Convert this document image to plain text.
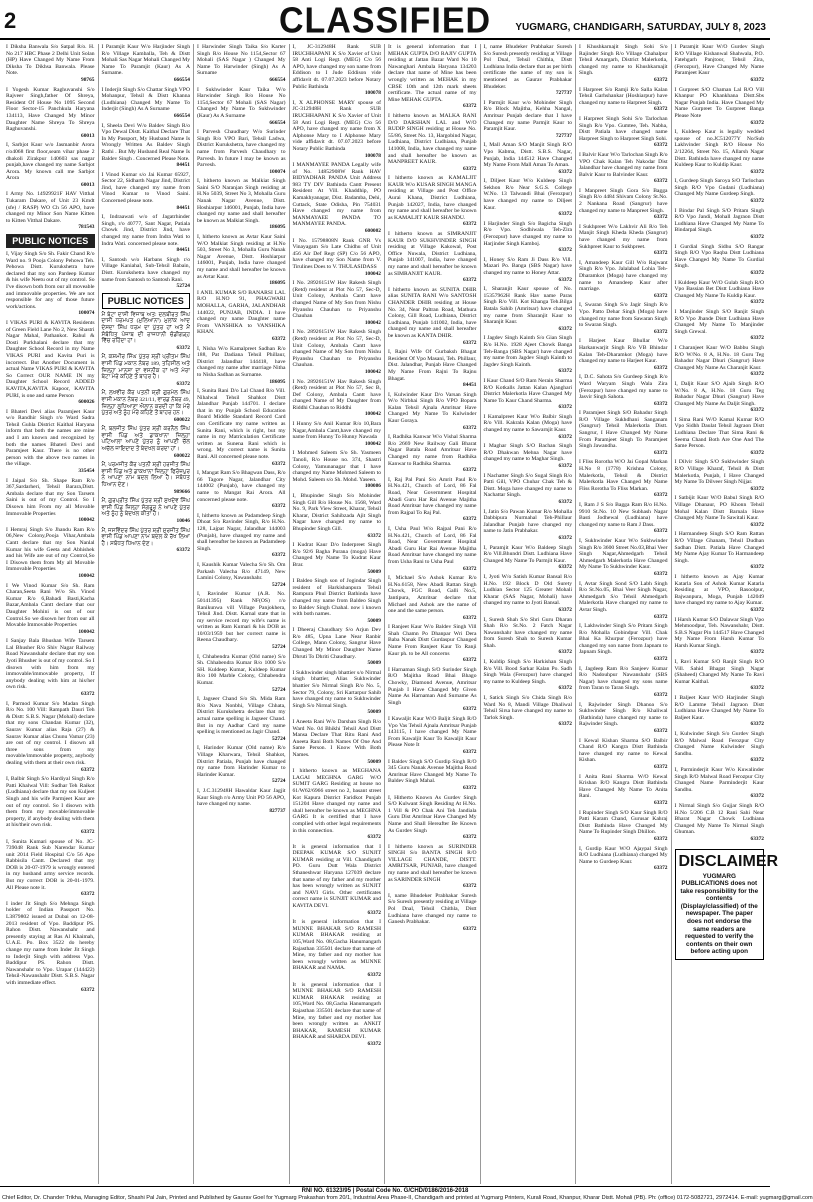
2	CLASSIFIED	YUGMARG, CHANDIGARH, SATURDAY, JULY 8, 2023
I Diksha Banwala S/o Satpal R/o. H. No 217 HBC Phase 2 Delhi Unit Solan (HP) Have Changed My Name From Diksha To Dikhsa Banwala. Please Note.
98765
I Yogesh Kumar Raghuvanshi S/o Rajveer Singh,father Of Shreya, Resident Of House No 1095 Second Floor Sector-15 Panchkula Haryana 134113, Have Changed My Minor Daughter Name Shreya To Shreya Raghuvanshi.
60013
I, Sarbjot Kaur w/o Jasmanbir Arora r/o4068 first floor,seam vihar phase 2 dhakoli Zirakpur 140603 sas nagar punjab,have changed my name Sarbjot Arora. My known call me Sarbjot Arora
60013
I Army No. 14929921F HAV Vitthal Tukaram Dakare, of Unit 23 Kmdt (sfe) / RASP) WO Ch 56 APO, have changed my Minor Son Name Kitten to Kitten Vitthal Dakare.
781543
PUBLIC NOTICES
I, Vijay Singh S/o Sh. Fakir Chand R/o Ward no. 9 Pooja Colony Pehowa Teh. Pehowa Distt. Kurukshetra have declared that my son Pardeep Kumar & his wife Neetu out of my control. So I've disown both from our all moveable and immovable properties. We are not responsible for any of those future work/actions.
100074
I VIKAS PURI & KAVITA Residents of Green Field Lane No 2, New Shastri Nagar Mahal, Pathankot. Rahul & Dosti Purkhalani declare that my Daughter School Record in my Name VIKAS PURI and Kavita Puri is incorrect. But Another Document is actual Name VIKAS PURI & KAVITA So Correct OUR NAME IN my Daughter School Record ADDED KAVITA,KAVITA Kapoor, KAVITA PURI, is one and same Person
600026
I Bhateri Devi alias Paramjeet Kaur w/o Randhir Singh r/o Ward Sadra Tehsil Guhla District Kaithal Haryana inform that both the names are mine and I am known and recognized by both the names Bhateri Devi and Paramjeet Kaur. There is no other person with the above two names in the village.
335454
I Jaipal S/o Sh. Shape Ram R/o 367,Sardarheri, Tehsil Barara,Distt. Ambala declare that my Son Tarsem Saini is out of my Control. So I Disown him From my all Movable Immovable Properties
100042
I Hemraj Singh S/o Jhandu Ram R/o 06,New Colony,Pooja Vihar,Ambala Cantt declare that my Son Nanlal Kumar his wife Geeta and Abhishek and his Wife are out of my Control,So I Disown them from My all Movable Immovable Properties
100042
I We Vinod Kumar S/o Sh. Ram Charan,Seeta Rani W/o Sh. Vinod Kumar R/o 6,Bahadi Basti,Kacha Bazar,Ambala Cantt declare that our Daughter Mohini is out of our Control.So we disown her from our all Movable Immovable Properties
100042
I Sanjay Bala Bhushan Wife Tarsem Lal Bhusher R/o Shiv Nagar Railway Road Nawanshahr declare that my son Jyoti Bhusher is out of my control. So I disown with him from my immovable/immovable property, If anybody dealing with him at his/her own risk.
63372
I, Parmod Kumar S/o Madan Singh R/o No. 100 Vill: Rampath Dauri Teh & Distt: S.B.S. Nagar (Mohali) declare that my sons Chandan Kumar (32), Saurav Kumar alias Raja (27) & Saurav Kumar alias Chunu Vamar (23) are out of my control. I disown all three sons from my movable/immovable property, anybody dealing with them at their own risk.
63372
I, Balbir Singh S/o Hardiyal Singh R/o Patti Khalwal Vill: Sudhar Teh Raikot (Ludhiana) declare that my son Kuljeet Singh and his wife Parmjeet Kaur are out of my control. So I disown with them from my movable/immovable property, if anybody dealing with them at his/their own risk.
63372
I, Sunita Kumari spouse of No. JC-739048 Rank Sub Narendar Kumar unit 2014 Field Hospital C/o 56 Apo Rabbisila Cantt. Declared that my DOB is 20-07-1979 is wrongly entered in my husband army service records. But my correct DOB is 20-01-1979. All Please note it.
63372
I inder Jit Singh S/o Mehnga Singh holder of Indian Passport No. L3879802 issued at Dubai on 12-08-2013 resident of Vpo. Baddipur PS. Rahon Distt. Nawanshahr and presently staying at Ras Al Khaimah, U.A.E. Po. Box 3522 do hereby change my name from Inder Jit Singh to Inderjit Singh with address Vpo. Baddipur PS. Rahon Distt. Nawanshahr to Vpo. Urapar (144422) Tehsil-Nawanshahr Distt. S.B.S. Nagar with immediate effect.
63372
I Paramjit Kaur W/o Harjinder Singh R/o Village Kamballa, Teh & Distt Mohali Sas Nagar Mohali Changed My Name To Paramjit (Kaur) As A Surname.
666554
I Inderjit Singh S/o Chattar Singh VPO Mohanpur, Tehsil & Distt Khanna (Ludhiana) Changed My Name To Inderjit (Singh) As A Surname
666554
I, Sheela Devi W/o Baldev Singh R/o Vpo Dewal Distt. Kaithal Declare That In My Passport, My Husband Name Is Wrongly Written As Baldev Singh Rathi . But My Husband Real Name Is Baldev Singh . Concerned Please Note.
84451
I Vinod Kumar s/o Jai Kumar 65927, Sector 22, Sidharth Nagar Jind, District Jind, have changed my name from Vinod Kumar to Vinod Saini. Concerned please note.
84451
I, Indraawati w/o of Jagatrhinder Singh, r/o 40777, Sant Nagar, Patiala Chowk Jind, District Jind, have changed my name from Indra Wati to Indra Wati. concerned please note.
84451
I, Santosh w/o Harbans Singh r/o Village Kaniahal, Sub-Tehsil Babain, Distt. Kurukshetra have changed my name from Santosh to Santosh Rani.
52724
PUBLIC NOTICES
ਮੈਂ ਬੇਟਾ ਦਾਸੀ ਵਿਜਾਬ ਅਤ: ਦਲਬੀਰਤ ਸਿੰਘ ਦਾਸੀ ਧਰਮਪਤ (ਮੁਲਿਆਨਾ) ਮੁਲਾਂਕ ਆਦ ਦੇਸਦਾ ਸਿੰਘ ਧਰਮ ਦਾ ਪੁੱਤਰ ਹਾਂ ਅਤੇ ਮੈਂ ਸੰਬੰਧਿਤ ਪੰਜਾਬ ਦੀ ਰਾਜਧਾਨੀ ਚੰਡੀਗੜ੍ਹ ਵਿੱਚ ਰਹਿੰਦਾ ਹਾਂ।
63372
ਮੈਂ, ਕਸ਼ਮੀਰ ਸਿੰਘ ਪੁੱਤਰ ਸ਼੍ਰੀ ਪ੍ਰੀਤਮ ਸਿੰਘ ਵਾਸੀ ਪਿੰਡ ਮਕਾਨ ਨੰਬਰ 189, ਤਹਿਸੀਲ ਅਤੇ ਜ਼ਿਲ੍ਹਾ ਮਾਨਸਾ ਦਾ ਵਸਨੀਕ ਹਾਂ ਅਤੇ ਮੇਰਾ ਬੇਟਾ ਮੇਰੇ ਕਹਿਣੇ ਤੋਂ ਬਾਹਰ ਹੈ।
63372
ਮੈਂ, ਲਖਵੀਰ ਕੌਰ ਪਤਨੀ ਸ਼੍ਰੀ ਗੁਰਮੇਲ ਸਿੰਘ ਵਾਸੀ ਮਕਾਨ ਨੰਬਰ 321/11, ਵਾਰਡ ਨੰਬਰ 49, ਜ਼ਿਲ੍ਹਾ ਲੁਧਿਆਣਾ ਐਲਾਨ ਕਰਦੀ ਹਾਂ ਕਿ ਮੇਰੇ ਪੁੱਤਰ ਅਤੇ ਨੂੰਹ ਮੇਰੇ ਕਹਿਣੇ ਤੋਂ ਬਾਹਰ ਹਨ।
600022
ਮੈਂ, ਬਲਜੀਤ ਸਿੰਘ ਪੁੱਤਰ ਸ਼੍ਰੀ ਕਰਨੈਲ ਸਿੰਘ ਵਾਸੀ ਪਿੰਡ ਅਤੇ ਡਾਕਖਾਨਾ ਜ਼ਿਲ੍ਹਾ ਪਟਿਆਲਾ ਆਪਣੇ ਪੁੱਤਰ ਨੂੰ ਆਪਣੀ ਚੱਲ ਅਚੱਲ ਜਾਇਦਾਦ ਤੋਂ ਬੇਦਖਲ ਕਰਦਾ ਹਾਂ।
600022
ਮੈਂ, ਪਰਮਜੀਤ ਕੌਰ ਪਤਨੀ ਸ਼੍ਰੀ ਹਰਜੀਤ ਸਿੰਘ ਵਾਸੀ ਪਿੰਡ ਅਤੇ ਡਾਕਖਾਨਾ ਜ਼ਿਲ੍ਹਾ ਫਿਰੋਜ਼ਪੁਰ ਨੇ ਆਪਣਾ ਨਾਮ ਬਦਲ ਲਿਆ ਹੈ। ਸਬੰਧਤ ਧਿਆਨ ਦੇਣ।
989666
ਮੈਂ, ਗੁਰਪ੍ਰੀਤ ਸਿੰਘ ਪੁੱਤਰ ਸ਼੍ਰੀ ਸੁਖਦੇਵ ਸਿੰਘ ਵਾਸੀ ਪਿੰਡ ਜ਼ਿਲ੍ਹਾ ਸੰਗਰੂਰ ਨੇ ਆਪਣੇ ਪੁੱਤਰ ਅਤੇ ਨੂੰਹ ਨੂੰ ਬੇਦਖਲ ਕੀਤਾ ਹੈ।
10046
ਮੈਂ, ਜਸਵਿੰਦਰ ਸਿੰਘ ਪੁੱਤਰ ਸ਼੍ਰੀ ਸੁਰਜੀਤ ਸਿੰਘ ਵਾਸੀ ਪਿੰਡ ਆਪਣਾ ਨਾਮ ਬਦਲ ਕੇ ਰੱਖ ਲਿਆ ਹੈ। ਸਬੰਧਤ ਧਿਆਨ ਦੇਣ।
63372
I Harwinder Singh Taika S/o Karter Singh R/o House No 1154,Sector 67 Mohali (SAS Nagar ) Changed My Name To Harwinder (Singh) As A Surname
666554
I Sukhwinder Kaur Taika W/o Harwinder Singh R/o House No 1154,Sector 67 Mohali (SAS Nagar) Changed My Name To Sukhwinder (Kaur) As A Surname
666554
I Parvesh Chaudhary W/o Surinder Singh R/o VPO Bari, Tehsil Ladwa, District Kurukshetra, have changed my name from Parvesh Chaudhary to Parvesh. In future I may be known as Parvesh.
100074
I, hitherto known as Malkiat Singh Saini S/O Naranjan Singh residing at H.No 5039, Street No 3, Mohalla Guru Nanak Nagar Avenue, Distt. Hoshiarpur 146001, Punjab, India have changed my name and shall hereafter be known as Malkiat Singh.
186095
I, hitherto known as Avtar Kaur Saini W/O Malkiat Singh residing at H.No 503, Street No 3, Mohalla Guru Nanak Nagar Avenue, Distt. Hoshiarpur 146001, Punjab, India have changed my name and shall hereafter be known as Avtar Kaur.
186095
I ANIL KUMAR S/O BANARSI LAL R/O H.NO 91, PHAGWARI MOHALLA, GARHA, JALANDHAR 144022, PUNJAB, INDIA. I have changed my name Daughter name From VANSHIKA to VANSHIKA KHAN.
63372
I, Nisha W/o Kamalpreet Sadhan R/o 188, Pat Dadiana Tehsil Phillaur, District Jalandhar 144418, have changed my name after marriage Nitha to Nisha Sadhan as Surname.
186095
I, Sunita Rani D/o Lal Chand R/o Vill. Nihalwal Tehsil Shahkot Distt Jalandhar Punjab 144701. I declare that in my Punjab School Education Board Middle Standard Record Card con Certificate my name written as Sunita Rani, which is right, but my name in my Matriculation Certificate written as Sunena Rani which is wrong. My correct name is Sunita Rani. All concerned please note.
63372
I, Mangat Ram S/o Bhagwan Dass, R/o 66 Tagore Nagar, Jalandhar City 144002 (Punjab), have changed my name to Mangat Rai Arora. All concerned please note.
63372
I, hitherto known as Padamdeep Singh Dhoat S/o Ravinder Singh, R/o H.No. 128, Lajpat Nagar, Jalandhar 144003 (Punjab), have changed my name and shall hereafter be known as Padamdeep Singh.
63372
I, Kaushik Kumar Valecha S/o Sh. Om Parkash Valecha R/o 47149, New Lamini Colony, Nawanshahr.
52724
I, Ravinder Kumar (A.R. No. 50141395) Rank NF(OS) r/o Ranikunwa vill Village Panjokhera, Tehsil Jind. Distt. Karnal state that in my service record my wife's name is written as Ram Kumari & his DOB as 10/03/1959 but her correct name is Reena Chaudhary.
52724
I, Chhabendra Kumar (Old name) S/o Sh. Chhabendra Kumar R/o 1000 S/o SH. Kuldeep Kumar, Kuldeep Kumar R/o 100 Marble Colony, Chhabendra Kumar.
52724
I, Jagseer Chand S/o Sh. Mida Ram R/o Nava Nonbhi, Village Chhata, District Kurukshetra declare that my actual name spelling is Jagseer Chand. But in my Aadhar Card my name spelling is mentioned as Jagir Chand.
52724
I, Harinder Kumar (Old name) R/o Village Kharwara, Tehsil Shahkot, District Patiala, Punjab have changed my name from Harinder Kumar to Harinder Kumar.
52724
I, J.C.312948H Hawaldar Kaur Jagjit Kaur Singh r/o Army Unit PO 56 APO, have changed my name.
827737
I, JC-312948H Rank SUB IRUCHHAPANI K S/o Xavier of Unit 58 Anti Logi Regt. (MEG) C/o 56 APO, have changed my son name from Eddison to I Jude Eddison vide affidavit dt. 07.07.2023 before Notary Public Bathinda
100078
I, X ALPHONSE MARY spouse of JC-312948H Rank SUB IRUCHHAPANI K S/o Xavier of Unit 58 Anti Logi Regt. (MEG) C/o 56 APO, have changed my name from X Alphonse Mary to I Alphonse Mary vide affidavit dt. 07.07.2023 before Notary Public Bathinda
100078
I MANMAYEE PANDA Legally wife of No. 14852908W Rank HAV BIDYADHAR PANDA Unit Address 983 TY DIV Bathinda Cantt Present Resident At Vill. Khaddhip, PO Kamakhyanagar, Dist. Badamba, Dehi, Cuttack, State Odisha, Pin 754031 Have changed my name from MANMAYAEE PANDA TO MANMAYEE PANDA.
600002
I No. 15798808N Rank GNR Vs Vinayagam S/o Late Chidhu of Unit 456 Air Def Regt (SP) C/o 56 APO, have changed my Son Name from V. Tirulines Does to V. THULASIDASS
100042
I No. 28926151W Hav Rakesh Singh (Retd) resident at Plot No 57, Sec-D, Unit Colony, Ambala Cantt have changed Name of My Son from Nishu Piyanshu Chauhan to Priyanshu Chauhan
100042
I No. 28926151W Hav Rakesh Singh (Retd) resident at Plot No 57, Sec-D, Unit Colony, Ambala Cantt have changed Name of My Son from Nishu Piyanshu Chauhan to Priyanshu Chauhan.
100042
I No. 28926151W Hav Rakesh Singh (Retd) resident at Plot No 57, Sec B, Def Colony, Ambala Cantt have changed Name of My Daughter from Riddhi Chauhan to Riddhi
100042
I Hunny S/o Anil Kumar R/o 10,Bara Nagar,Ambala Cantt,have changed my name from Hunny To Hunny Nawada
100042
I Mohmed Saleem S/o Sh. Yasmeen Tanoli, R/o House no. 374, Shastri Colony, Yamunanagar that I have changed my Name Mohmed Saleem to Mohd. Saleem s/o Sh. Mohd. Yaseen.
100086
I, Bhupinder Singh S/o Mohinder Singh Gill R/o House No. 1568, Ward No. 9, Park View Street, Kharar, Tehsil Kharar, District Sahibzada Ajit Singh Nagar have changed my name to Bhupinder Singh Gill.
63372
I Kudrat Kaur D/o Inderpreet Singh R/o 92/6 Bagha Purana (moga) Have Changed My Name To Kudrat Kaur Brar.
50009
I Baldeo Singh son of Jogindar Singh resident of Harkishanpura Tehsil Rampura Phul District Bathinda have changed my name from Baldeo Singh to Baldev Singh Chahal. now i known with both names.
50009
I Dheeraj Chaudhary S/o Arjun Dev R/o 485, Upna Lane Near Ranbir College, Mann Colony, Sangrur Have Changed My Minor Daughter Name Dhruti To Dhriti Chaudhary.
50009
I Sukhwinder singh bhattier s/o Nirmal singh bhattier, Alias Sukhwinder bhattier S/o Nirmal Singh R/o No. 5, Sector 79, Colony, Sri Kartarpur Sahib have changed my name to Sukhwinder Singh S/o Nirmal Singh.
50009
I Aneeta Rani W/o Darshan Singh R/o Ward No. 04 Bhikhi Tehsil And Distt Mansa Declare That Ritu Rani And Aneeta Rani Both Names Of One And Same Person. I Know With Both Names.
50009
I hitherto known as MEGHANA LAGAI MEGHNA GARG W/O SUMIT GARG Residing at house no 61/W62/6966 street no 2, basant street Kot Kapura District Faridkot Punjab 151204 Have changed my name and shall hereafter be known as MEGHNA GARG It is certified that I have complied with other legal requirements in this connection.
63372
It is general information that I DEEPAK KUMAR S/O SUNJIT KUMAR residing at Vill. Chandigarh PO. Guru Dutt Wala District Sthaneshwar Haryana 127039 declare that name of my father and my mother has been wrongly written as SUNJIT and NAVI Girls. Other certificates correct name is SUNJIT KUMAR and KAVITA DEVI.
63372
It is general information that I MUNNE BHAKAR S/O RAMESH KUMAR BHAKAR residing at 105,Ward No. 08,Gacha Hanumangarh Rajasthan 335501 declare that name of Mine, my father and my mother has been wrongly written as MUNNE BHAKAR and NAMA.
63372
It is general information that I MUNNE BHAKAR S/O RAMESH KUMAR BHAKAR residing at 105,Ward No. 08,Gacha Hanumangarh Rajasthan 335501 declare that name of Mine, my father and my mother has been wrongly written as ANKIT BHAKAR, RAMESH KUMAR BHAKAR and SHARDA DEVI.
63372
It is general information that I MEHAK GUPTA D/O RAJIV GUPTA residing at Jattan Bazar Ward No 10 Nawanghari Ambala Haryana 134203 declare that name of Mine has been wrongly written as MEHAK in my CBSE 10th and 12th mark sheets certificate. The actual name of my Mine MEHAK GUPTA.
63372
I hitherto known as MALKA RANI D/O DARSHAN LAL and W/O RUDIP SINGH residing at House No. 55/86, Street No. 13, Hargobind Nagar, Ludhiana, District Ludhiana, Punjab 141008, India, have changed my name and shall hereafter be known as MANPREET KAUR.
63372
I hitherto known as KAMALJIT KAUR W/o KUSAR SINGH MANGA residing at Village and Post Office Aurai Khana, District Ludhiana, Punjab 142027, India, have changed my name and shall hereafter be known as KAMALJIT KAUR SHANDU.
63372
I hitherto known as SIMRANJIT KAUR D/O SUKHVINDER SINGH residing at Village Kakowal, Post Office Nuwala, District Ludhiana, Punjab 141007, India, have changed my name and shall hereafter be known as SIMRANJIT KAUR.
63372
I hitherto known as SUNITA DHIR alias SUNITA RANI W/o SANTOSH CHANDER DHIR residing at House No. 34, Near Paltran Road, Mathura Colony, Gill Road, Ludhiana, District Ludhiana, Punjab 141002, India, have changed my name and shall hereafter be known as KANTA DHIR.
63372
I, Rajni Wife Of Gurbaksh Bhagat Resident Of Vpo Masani, Teh. Phillaur, Dist. Jalandhar, Punjab Have Changed My Name From Rajni To Rajnu Bhagat.
84451
I, Kulwinder Kaur D/o Varsan Singh W/o Nirbhai Singh R/o VPO Bopara Kalan Tehsil Ajnala Amritsar Have Changed My Name To Kulwinder Kaur Goraya.
63372
I, Radhika Kanwar W/o Vishal Sharma R/o 2669 New Railway Gali Bharat Nagar Batala Road Amritsar Have Changed my name from Radhika Kanwar to Radhika Sharma.
63372
I, Raj Pal Pani S/o Amrit Paul R/o H.No.421, Church of Lord, 86 Fal Road, Near Government Hospital Abadi Guru Har Rai Avenue Majitha Road Amritsar have changed my name from Rajpal To Raj Pal.
63372
I, Usha Paul W/o Rajpal Pani R/o H.No.421, Church of Lord, 86 Fal Road, Near Government Hospital Abadi Guru Har Rai Avenue Majitha Road Amritsar have changed my name from Usha Rani to Usha Paul
63372
I, Michael S/o Ashok Kumar R/o H.No.6158, New Abadi Rattan Singh Chowk, FGC Road, Galli No.5, Jantipura, Amritsar declare that Michael and Ashok are the name of one and the same person.
63372
I Ranjeet Kaur W/o Baldev Singh Vill Shah Chamn Po Dhanpar Wri Dera Baba Nanak Distt Gurdaspur Changed Name From Ranjeet Kaur To Ranji Kaur ph. to be All concerns
63372
I Harnaman Singh S/O Surinder Singh R/O Majitha Road Bhai Bhago Chowky, Diamond Avenue, Amritsar Punjab I Have Changed My Given Name As Harnaman And Surname As Singh
63372
I Kawaljit Kaur W/O Baljit Singh R/O Vpo Vas Tehsil Ajnala Amritsar Punjab 143115, I have changed My Name From Kawaljit Kaur To Kawaljit Kaur Please Note It
63372
I Baldev Singh S/O Gurdip Singh R/O 345 Guru Nanak Avenue Majitha Road Amritsar Have Changed My Name To Baldev Singh Mahal.
63372
I, Hitherto Known As Gurdev Singh S/O Kulwant Singh Residing At H.No. 1 Vill & PO Chak Ani Teh Jandiala Guru Dist Amritsar Have Changed My Name and Shall Hereafter Be Known As Gurdev Singh
63372
I hitherto known as SURINDER SINGH S/o BANTA SINGH R/O VILLAGE CHANDE, DISTT. AMRITSAR, PUNJAB, have changed my name and shall hereafter be known as SARINDER SINGH
63372
I, name Bhudeker Prabhakar Suresh S/o Suresh presently residing at Village Pol Dnal, Tehsil Chithla, Distt Ludhiana have changed my name to Ganesh Prabhakar.
63372
I, name Bhudeker Prabhakar Suresh S/o Suresh presently residing at Village Pol Dnal, Tehsil Chithla, Distt Ludhiana India declare that as per birth certificate the name of my son is mentioned as Gaurav Prabhakar Bhudeker.
727737
I Parmjit Kaur w/o Mohinder Singh R/o Block Majitha, Kehha Nangal, Amritsar Punjab declare that I have Changed my name Parmjit Kaur to Paramjit Kaur.
727737
I, Mall Aman S/O Manjit Singh R/O Vpo Kabma, Distt. S.B.S. Nagar, Punjab, India 144512 Have Changed My Name From Mall Aman To Aman.
63372
I, Diljeet Kaur W/o Kuldeep Singh Sekhon R/o Near S.G.S. College W.No. 13 Talwandi Bhai (Ferozpur) have changed my name to Diljeet Kaur.
63372
I Harjinder Singh S/o Bagicha Singh R/o Vpo. Sodhiwala Teh-Zira (Ferozpur) have changed my name to Harjinder Singh Kamboj.
63372
I, Honey S/o Ram Ji Dass R/o Vill. Mazari Po. Banga (SBS Nagar) have changed my name to Honey Attar.
63372
I, Sharanjit Kaur spouse of No. 15357962H Rank Hav name Paras Singh R/o Vill. Kot Khanga Teh.Bilga Batala Sahib (Amritsar) have changed my name from Sharanjit Kaur to Sharanjit Kaur.
63372
I Jagdev Singh Kainth S/o Gian Singh R/o H.No. 1928 Ajeet Chowk Banga Teh-Banga (SBS Nagar) have changed my name from Jagdev Singh Kainth to Jagdev Singh Kainth.
63372
I Kaur Chand S/O Ram Nerain Sharma R/O Kotkalls Jattan Kalan Ajanghari District Malerkotla Have Changed My Name To Kaur Chand Sharma.
63372
I Kamalpreet Kaur W/o Balbir Singh R/o Vill. Kakrala Kalan (Moga) have changed my name to Sawarnjit Kaur.
63372
I Maghar Singh S/O Bachan Singh R/O Dhakwan Mehna Nagar have changed my name to Maghar Singh.
63372
I Nachatter Singh S/o Sugal Singh R/o Patti Gill, VPO Chuhar Chak Teh & Distt. Moga have changed my name to Nachattar Singh.
63372
I, Jatin S/o Pawan Kumar R/o Mohalla Dabbipura Nurmahal Teh-Phillaur Jalandhar Punjab have changed my name to Jatin Prabhakar.
63372
I, Paramjit Kaur W/o Baldeep Singh R/o Vill.Bhundri Distt. Ludhiana Have Changed My Name To Parmjit Kaur.
63372
I, Jyoti W/o Satish Kumar Bansal R/o H.No. 192 Block D Old Surety Ludhian Sector 125 Greater Mohali Kharar (SAS Nagar, Mohali) have changed my name to Jyoti Bansal.
63372
I, Suresh Shah S/o Shri Guru Dharan Shah R/o St.No. 2 Fatch Nagar Nawanshahr have changed my name from Suresh Shah to Suresh Kumar Shah.
63372
I, Kuldip Singh S/o Harkishan Singh R/o Vill. Bood Sarkar Kalan Po. Sadh Singh Wala (Ferozpur) have changed my name to Kuldeep Singh.
63372
I, Satick Singh S/o Chida Singh R/o Ward No 8, Mandi Village Dhaliwal Tehsil Sirsa have changed my name to Tarlok Singh.
63372
I Khushkarnajit Singh Sohi S/o Rajinder Singh R/o Village Chahalpur Tehsil Amargarh, District Malerkotla, changed my name to Khushkarnajit Singh.
63372
I Harpreet S/o Ramji R/o Salla Kalan Tehsil Garhshankar (Hoshiarpur) have changed my name to Harpreet Singh.
63372
I Harpreet Singh Sohi S/o Tarlochan Singh R/o Vpo. Gumtee, Teh. Nabha, Distt Patiala have changed name Harpreet Singh to Harpreet Singh Sohi.
63372
I Balvir Kaur W/o Tarlochan Singh R/o VPO Chak Kalan Teh Nakodar Dist Jalandhar have changed my name from Balvir Kaur to Balvinder Kaur.
63372
I Manpreet Singh Gora S/o Bagga Singh R/o 4484 Shivam Colony St.No. 2 Nankana Road (Sangrur) have changed my name to Manpreet Singh.
63372
I Sukhpreet W/o Lakhvir Ali R/o Teh Manjit Singh Kheda Kheda (Sangrur) have changed my name from Sukhpreet Kaur to Sukhpreet.
63372
I, Amandeep Kaur Gill W/o Rajwant Singh R/o Vpo. Jalalabad Lohia Teh-Dharamkot (Moga) have changed my name to Amandeep Kaur after marriage.
63372
I, Swaran Singh S/o Jagir Singh R/o Vpo. Patto Dehar Singh (Moga) have changed my name from Sawaran Singh to Swaran Singh.
63372
I Harjeet Kaur Bhullar W/o Harkanwarjit Singh R/o VB Bhindar Kalan Teh-Dharamkot (Moga) have changed my name to Harjeet Kaur.
63372
I, D.C. Sahota S/o Gurdeep Singh R/o Ward Waryam Singh Wala Zira (Ferozpur) have changed my name to Jasvir Singh Sahota.
63372
I Paramjeet Singh S/O Bahadur Singh R/O Village Sukhdhani Sanganam (Sangrur) Tehsil Malerkotla Distt. Sangrur, I Have Changed My Name From Paramjeet Singh To Paramjeet Singh Jawandha.
63372
I Fliss Rorotha W/O Jai Gopal Markan H.No 8 (1778) Krishna Colony, Malerkotla, Tehsil & District Malerkotla Have Changed My Name Fliss Rorotha To Fliss Markan.
63372
I, Ram J S S/o Bagga Ram R/o H.No. 9910 St.No. 10 New Subhash Nagar Basti Jodhewal (Ludhiana) have changed my name to Ram J Dass.
63372
I, Sukhwinder Kaur W/o Sukhwinder Singh R/o 3600 Street No.03,Bhai Veer Singh Nagar,Ahmedgarh Tehsil Ahmedgarh Malerkotla Have Changed My Name To Sukhwinder Kaur.
63372
I, Avtar Singh Sond S/O Labh Singh R/o St.No.05, Bhai Veer Singh Nagar, Ahmedgarh S/o Tehsil Ahmedgarh Malerkotla Have changed my name to Avtar Singh.
63372
I, Lakhwinder Singh S/o Pritam Singh R/o Mohalla Gobindpur Vill. Chak Bhai Ka Khurpur (Ferozpur) have changed my son name from Japnam to Japnam Singh.
63372
I, Jagdeep Ram R/o Sanjeev Kumar R/o Nadouhpur Nawanshahr (SBS Nagar) have changed my sons name from Taran to Taran Singh.
63372
I, Rajwinder Singh Dhanoa S/o Sukhwinder Singh R/o Khaliwal (Bathinda) have changed my name to Rajwinder Singh.
63372
I Kewal Kishan Sharma S/O Balbir Chand R/O Kangra Distt Bathinda have changed my name to Kewal Kishan.
63372
I Anita Rani Sharma W/O Kewal Krishan R/O Kangra Distt Bathinda Have Changed My Name To Anita Rani.
63372
I Rupinder Singh S/O Kaur Singh R/O Patti Karam Chand, Gurusar Kahraj Distt Bathinda Have Changed My Name To Rupinder Singh Dhillon.
63372
I, Gurdip Kaur W/O Ajaypal Singh R/O Ludhiana (Ludhiana) changed My Name to Gurdeep Kaur.
63372
I Paramjit Kaur W/O Gurdev Singh R/O Village Kishanwal Shahwala, P.O. Fatehgarh Panjtoor, Tehsil Zira, (Ferozpur), Have Changed My Name Paramjeet Kaur
63372
I Gurpreet S/O Chaman Lal R/O Vill Khanpur PO Khankhana Distt.Sbs Nagar Punjab India. Have Changed My Name Gurpreet To Gurpreet Banga Please Note
63372
I, Kuldeep Kaur is legally wedded spouse of no.JC512077Y No/Sub Lakhvinder Singh R/O House No 2/12264, Street No. 15, Allarsh Nagar Distt. Bathinda have changed my name Kuldeep Kaur to Kuldip Kaur.
63372
I, Gurdeep Singh Saroya S/O Tarlochan Singh R/O Vpo Gudani (Ludhiana) Changed My Name Gurdeep Singh.
63372
I Bindar Pal Singh S/O Pritam Singh R/O Vpo Jandi, Mohall Jagraon Distt Ludhiana Have Changed My Name To Bindarpal Singh.
63372
I Gurdial Singh Sidhu S/O Rangar Singh R/O Vpo Raqba Distt Ludhiana Have Changed My Name To Gurdial Singh.
63372
I Kuldeep Kaur W/O Gulab Singh R/O Vpo Bassian Bet Distt Ludhiana Have Changed My Name To Kuldip Kaur.
63372
I Manjinder Singh S/O Ranjit Singh R/O Vpo Jhande Distt Ludhiana Have Changed My Name To Manjinder Singh Grewal.
63372
I Charanjeet Kaur W/O Babbu Singh R/O W/No. 8 A, H.No. 18 Guru Teg Bahadur Nagar Dhuri (Sangrur) Have Changed My Name As Charanjit Kaur.
63372
I, Daljit Kaur S/O Ajaib Singh R/O W/No. 8 A, H.No. 18 Guru Teg Bahadur Nagar Dhuri (Sangrur) Have Changed My Name As Daljit Singh.
63372
I Sima Rani W/O Kamal Kumar R/O Vpo Sidhh Daulat Tehsil Jagraon Distt Ludhiana Declare That Sima Rani & Seema Chand Both Are One And The Same Person.
63372
I Dilvir Singh S/O Sukhwinder Singh R/O Village Kharaf, Tehsil & Distt Malerkotla, Punjab, I Have Changed My Name To Dilveer Singh Nijjar.
63372
I Satbijit Kaur W/O Babul Singh R/O Village Dhanaur, PO Khonn Tehsil Mohal Kalan Distt Barnala Have Changed My Name To Sawitali Kaur.
63372
I Harmandeep Singh S/O Ram Rattan R/O Village Ghanam, Tehsil Dudhan Sadhan Distt. Patiala Have Changed My Name Ajay Kumar To Harmandeep Singh.
63372
I hitherto known as Ajay Kumar Katarla Son of Ashok Kumar Katarla Residing at VPO, Rasoolpur, Bajwanpura, Moga, Punjab 142049 have changed my name to Ajay Kumar.
63372
I Harsh Kumar S/O Dalawar Singh Vpo Mehmoodpur, Teh. Nawanshahr, Distt. S.B.S Nagar Pin 144517 Have Changed My Name From Harsh Kumar To Harsh Kumar Singh.
63372
I, Ravi Kumar S/O Ranjit Singh R/O Vill. Sahid Bhagat Singh Nagar (Shaheed) Changed My Name To Ravi Kumar Kaithal.
63372
I Baljeet Kaur W/O Harjinder Singh R/O Lamme Tehsil Jagraon Distt Ludhiana Have Changed My Name To Baljeet Kaur.
63372
I, Kulwinder Singh S/o Gurdev Singh R/O Malwal Road Ferozpur City Changed Name Kulwinder Singh Sandhu.
63372
I, Parminderjit Kaur W/o Kuwalinder Singh R/O Malwal Road Ferozpur City Changed Name Parminderjit Kaur Sandhu.
63372
I Nirmal Singh S/o Gujjar Singh R/O H.No 5/206 C.B 12 Rani Sahi Near Bharat Nagar Chowk Ludhiana Changed My Name To Nirmal Singh Ghuman.
63372
DISCLAIMER

YUGMARG PUBLICATIONS does not take responsibility for the contents (Display/classified) of the newspaper. The paper does not endorse the same readers are requested to verify the contents on their own before acting upon

RNI NO. 61323/95 | Postal Code No. G/CHD/0186/2016-2018
Chief Editor, Dr. Chander Trikha, Managing Editor, Shashi Pal Jain, Printed and Published by Gaurav Goel for Yugmarg Prakashan from 20/1, Industrial Area Phase-II, Chandigarh and printed at Yugmarg Printers, Kurali Road, Khanpur, Kharar Distt. Mohali (PB). Ph: (office) 0172-5082721, 2972414. E-mail: yugmarg@gmail.com
